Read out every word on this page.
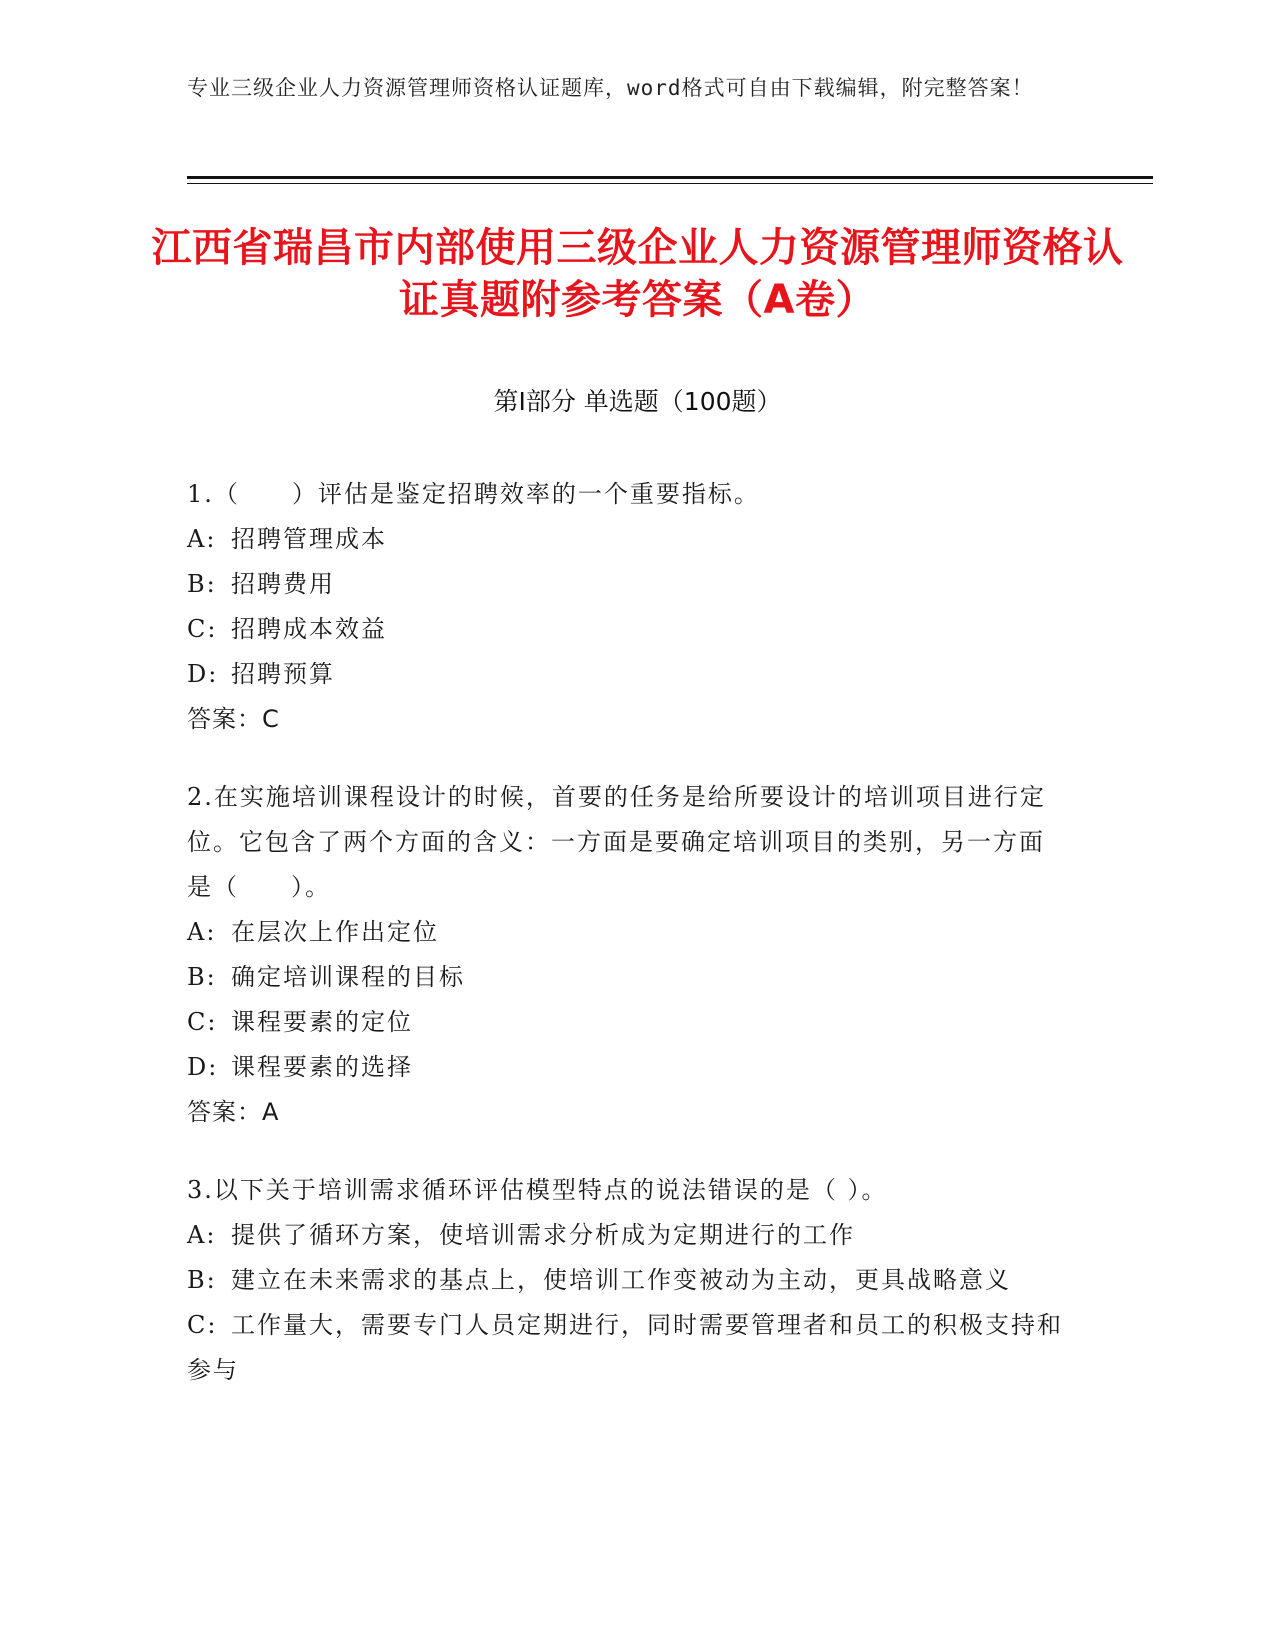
专业三级企业人力资源管理师资格认证题库，word格式可自由下载编辑，附完整答案！
江西省瑞昌市内部使用三级企业人力资源管理师资格认证真题附参考答案（A卷）
第Ⅰ部分 单选题（100题）
1.（　　）评估是鉴定招聘效率的一个重要指标。
A: 招聘管理成本
B: 招聘费用
C: 招聘成本效益
D: 招聘预算
答案：C
2.在实施培训课程设计的时候，首要的任务是给所要设计的培训项目进行定位。它包含了两个方面的含义：一方面是要确定培训项目的类别，另一方面是（　　）。
A: 在层次上作出定位
B: 确定培训课程的目标
C: 课程要素的定位
D: 课程要素的选择
答案：A
3.以下关于培训需求循环评估模型特点的说法错误的是（ ）。
A: 提供了循环方案，使培训需求分析成为定期进行的工作
B: 建立在未来需求的基点上，使培训工作变被动为主动，更具战略意义
C: 工作量大，需要专门人员定期进行，同时需要管理者和员工的积极支持和参与
